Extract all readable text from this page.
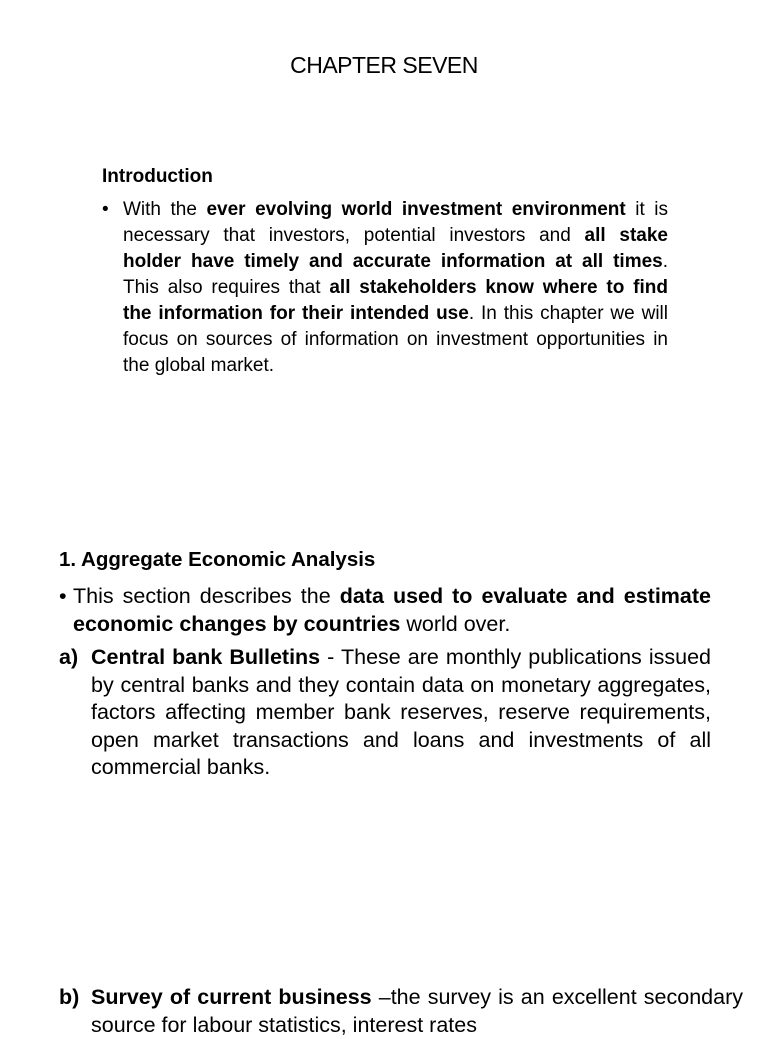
CHAPTER SEVEN
Introduction
• With the ever evolving world investment environment it is necessary that investors, potential investors and all stake holder have timely and accurate information at all times. This also requires that all stakeholders know where to find the information for their intended use. In this chapter we will focus on sources of information on investment opportunities in the global market.
1. Aggregate Economic Analysis
• This section describes the data used to evaluate and estimate economic changes by countries world over.
a) Central bank Bulletins - These are monthly publications issued by central banks and they contain data on monetary aggregates, factors affecting member bank reserves, reserve requirements, open market transactions and loans and investments of all commercial banks.
b) Survey of current business –the survey is an excellent secondary source for labour statistics, interest rates
